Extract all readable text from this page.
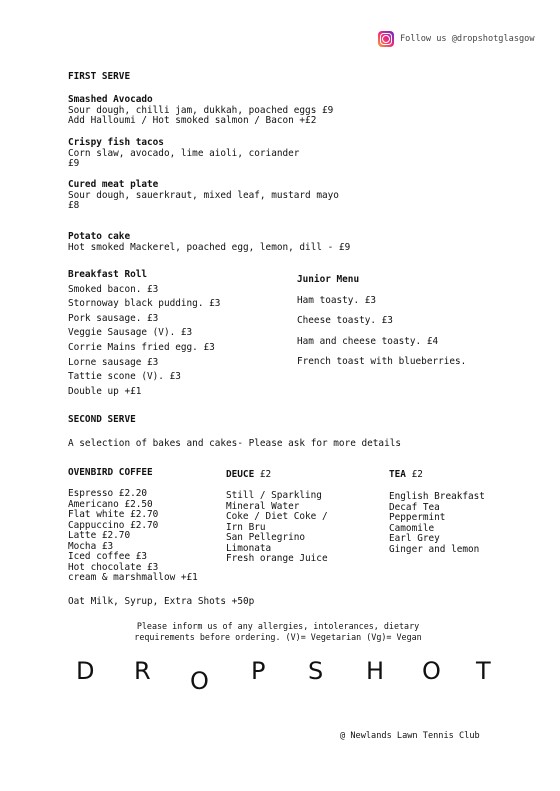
Follow us @dropshotglasgow
FIRST SERVE
Smashed Avocado
Sour dough, chilli jam, dukkah, poached eggs £9
Add Halloumi / Hot smoked salmon / Bacon +£2
Crispy fish tacos
Corn slaw, avocado, lime aioli, coriander
£9
Cured meat plate
Sour dough, sauerkraut, mixed leaf, mustard mayo
£8
Potato cake
Hot smoked Mackerel, poached egg, lemon, dill - £9
Breakfast Roll
Smoked bacon. £3
Stornoway black pudding. £3
Pork sausage. £3
Veggie Sausage (V). £3
Corrie Mains fried egg. £3
Lorne sausage £3
Tattie scone (V). £3
Double up +£1
Junior Menu
Ham toasty. £3
Cheese toasty. £3
Ham and cheese toasty. £4
French toast with blueberries.
SECOND SERVE
A selection of bakes and cakes- Please ask for more details
OVENBIRD COFFEE
Espresso £2.20
Americano £2.50
Flat white £2.70
Cappuccino £2.70
Latte £2.70
Mocha £3
Iced coffee £3
Hot chocolate £3
cream & marshmallow +£1
Oat Milk, Syrup, Extra Shots +50p
DEUCE £2
Still / Sparkling
Mineral Water
Coke / Diet Coke /
Irn Bru
San Pellegrino
Limonata
Fresh orange Juice
TEA £2
English Breakfast
Decaf Tea
Peppermint
Camomile
Earl Grey
Ginger and lemon
Please inform us of any allergies, intolerances, dietary
requirements before ordering. (V)= Vegetarian (Vg)= Vegan
D R O P S H O T
@ Newlands Lawn Tennis Club
